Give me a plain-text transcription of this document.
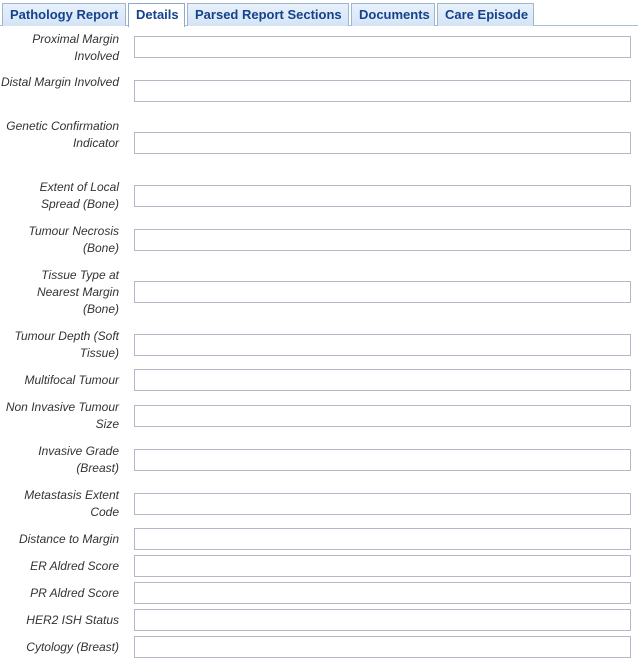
Pathology Report	Details	Parsed Report Sections	Documents	Care Episode
Proximal Margin Involved
Distal Margin Involved
Genetic Confirmation Indicator
Extent of Local Spread (Bone)
Tumour Necrosis (Bone)
Tissue Type at Nearest Margin (Bone)
Tumour Depth (Soft Tissue)
Multifocal Tumour
Non Invasive Tumour Size
Invasive Grade (Breast)
Metastasis Extent Code
Distance to Margin
ER Aldred Score
PR Aldred Score
HER2 ISH Status
Cytology (Breast)
